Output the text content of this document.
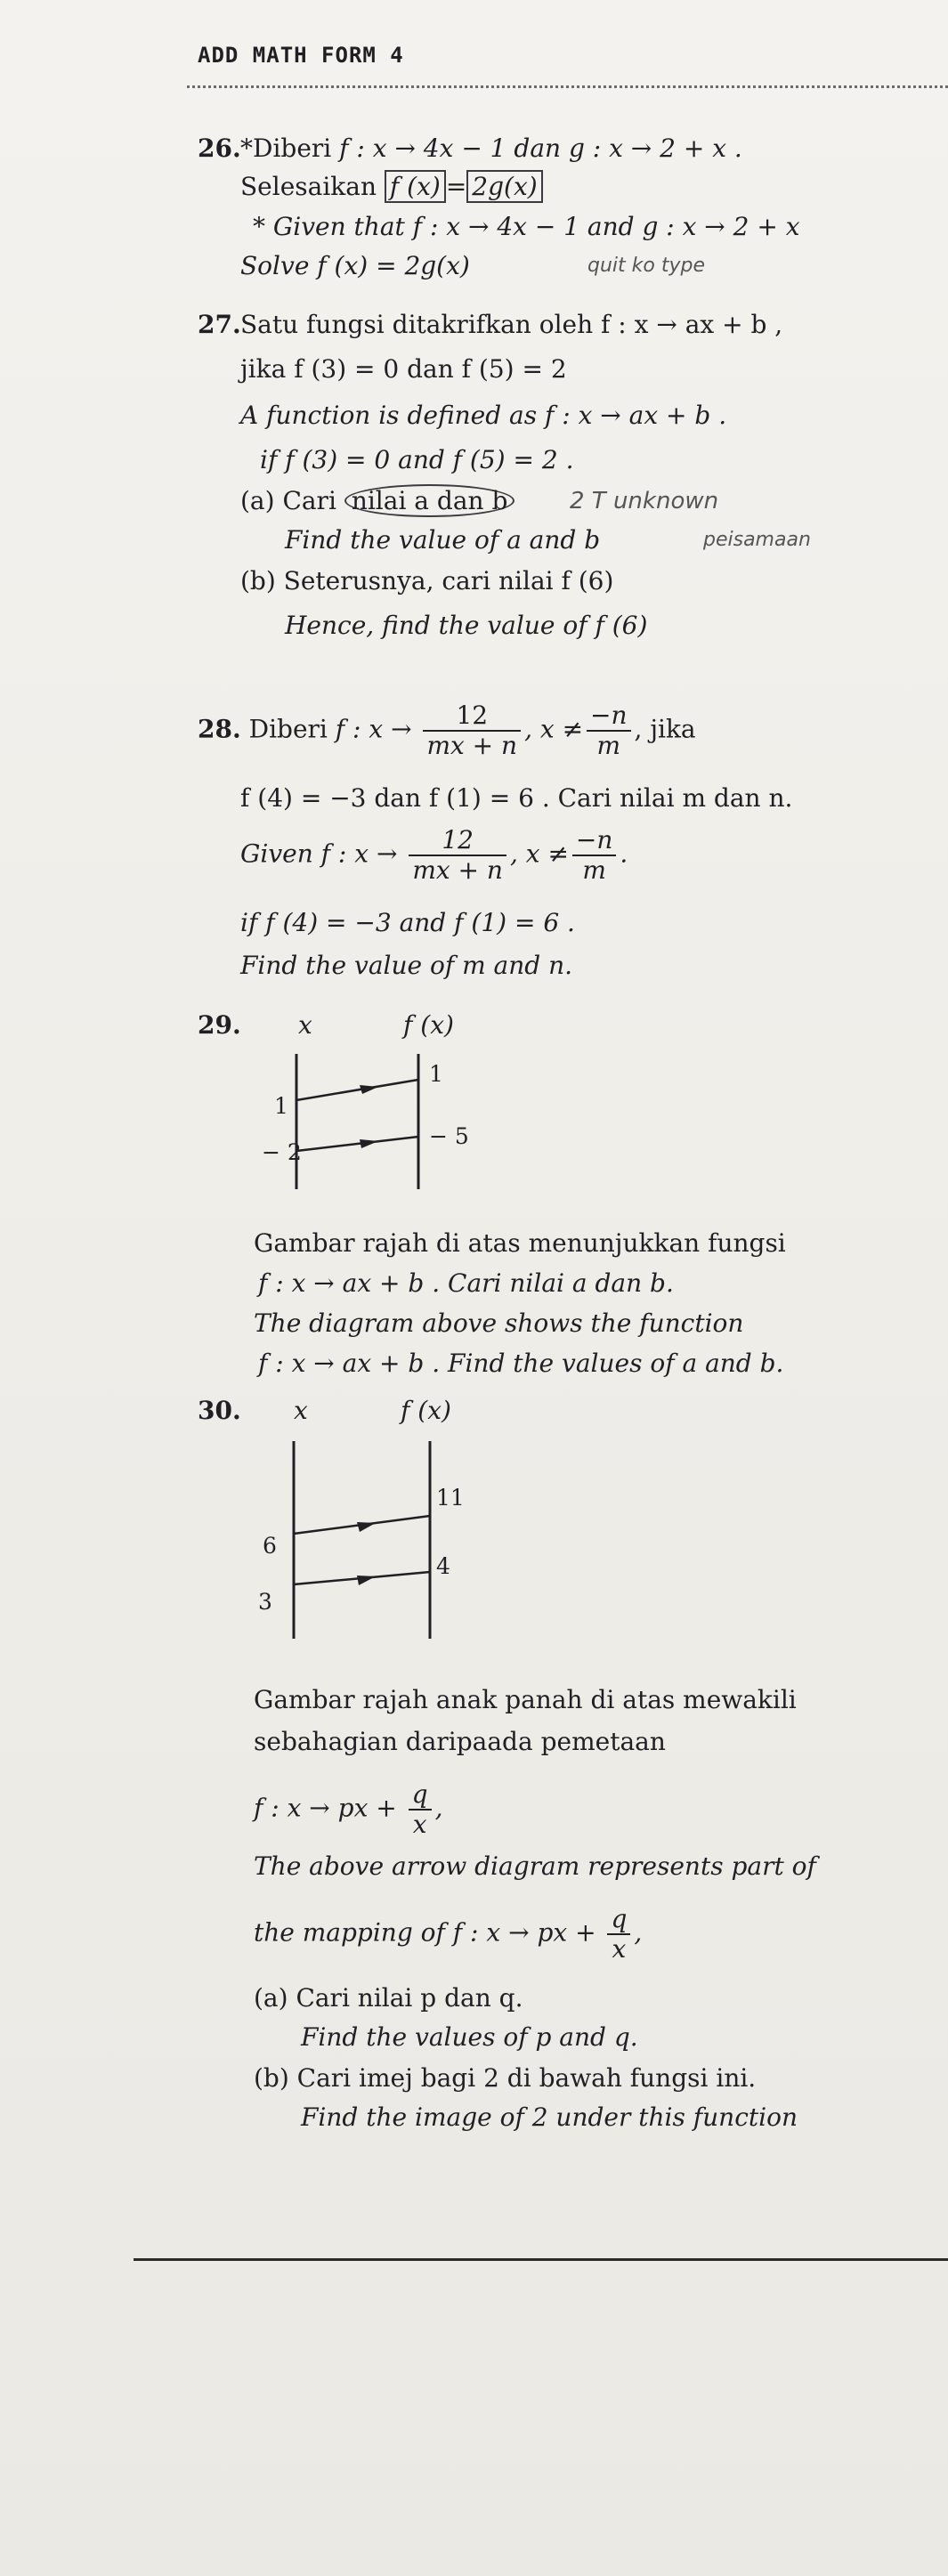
ADD MATH FORM 4
26. *Diberi f : x → 4x − 1 dan g : x → 2 + x .
Selesaikan f (x) = 2g(x)
* Given that f : x → 4x − 1 and g : x → 2 + x
Solve f (x) = 2g(x)	quit ko type
27. Satu fungsi ditakrifkan oleh f : x → ax + b ,
jika f (3) = 0 dan f (5) = 2
A function is defined as f : x → ax + b .
if f (3) = 0 and f (5) = 2 .
(a) Cari nilai a dan b	2 T unknown
Find the value of a and b	peisamaan
(b) Seterusnya, cari nilai f (6)
Hence, find the value of f (6)
28. Diberi f : $x \to \frac{12}{mx + n}$ , $x \ne \frac{-n}{m}$ , jika
f (4) = −3 dan f (1) = 6 . Cari nilai m dan n.
Given f : $x \to \frac{12}{mx + n}$ , $x \ne \frac{-n}{m}$ .
if f (4) = −3 and f (1) = 6 .
Find the value of m and n.
29. x	f (x)
1
− 2
1
− 5
Gambar rajah di atas menunjukkan fungsi
f : x → ax + b . Cari nilai a dan b.
The diagram above shows the function
f : x → ax + b . Find the values of a and b.
30. x	f (x)
6
3
11
4
Gambar rajah anak panah di atas mewakili
sebahagian daripaada pemetaan
f : x → px + $\frac{q}{x}$ ,
The above arrow diagram represents part of
the mapping of f : x → px + $\frac{q}{x}$ ,
(a) Cari nilai p dan q.
Find the values of p and q.
(b) Cari imej bagi 2 di bawah fungsi ini.
Find the image of 2 under this function
